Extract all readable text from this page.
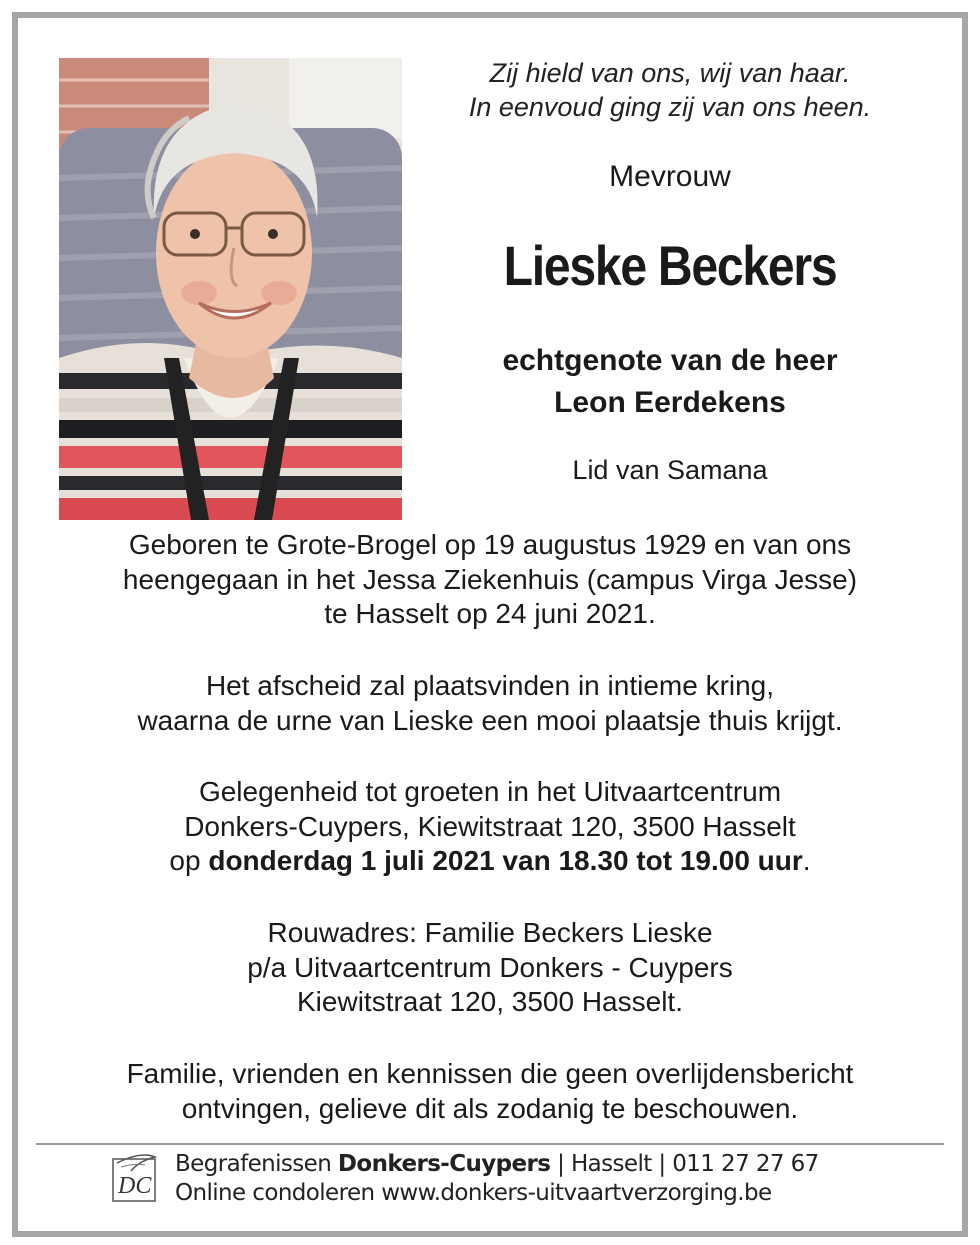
Zij hield van ons, wij van haar.
In eenvoud ging zij van ons heen.
Mevrouw
Lieske Beckers
echtgenote van de heer
Leon Eerdekens
Lid van Samana
Geboren te Grote-Brogel op 19 augustus 1929 en van ons
heengegaan in het Jessa Ziekenhuis (campus Virga Jesse)
te Hasselt op 24 juni 2021.
Het afscheid zal plaatsvinden in intieme kring,
waarna de urne van Lieske een mooi plaatsje thuis krijgt.
Gelegenheid tot groeten in het Uitvaartcentrum
Donkers-Cuypers, Kiewitstraat 120, 3500 Hasselt
op donderdag 1 juli 2021 van 18.30 tot 19.00 uur.
Rouwadres: Familie Beckers Lieske
p/a Uitvaartcentrum Donkers - Cuypers
Kiewitstraat 120, 3500 Hasselt.
Familie, vrienden en kennissen die geen overlijdensbericht
ontvingen, gelieve dit als zodanig te beschouwen.
DC
Begrafenissen Donkers-Cuypers | Hasselt | 011 27 27 67
Online condoleren www.donkers-uitvaartverzorging.be
